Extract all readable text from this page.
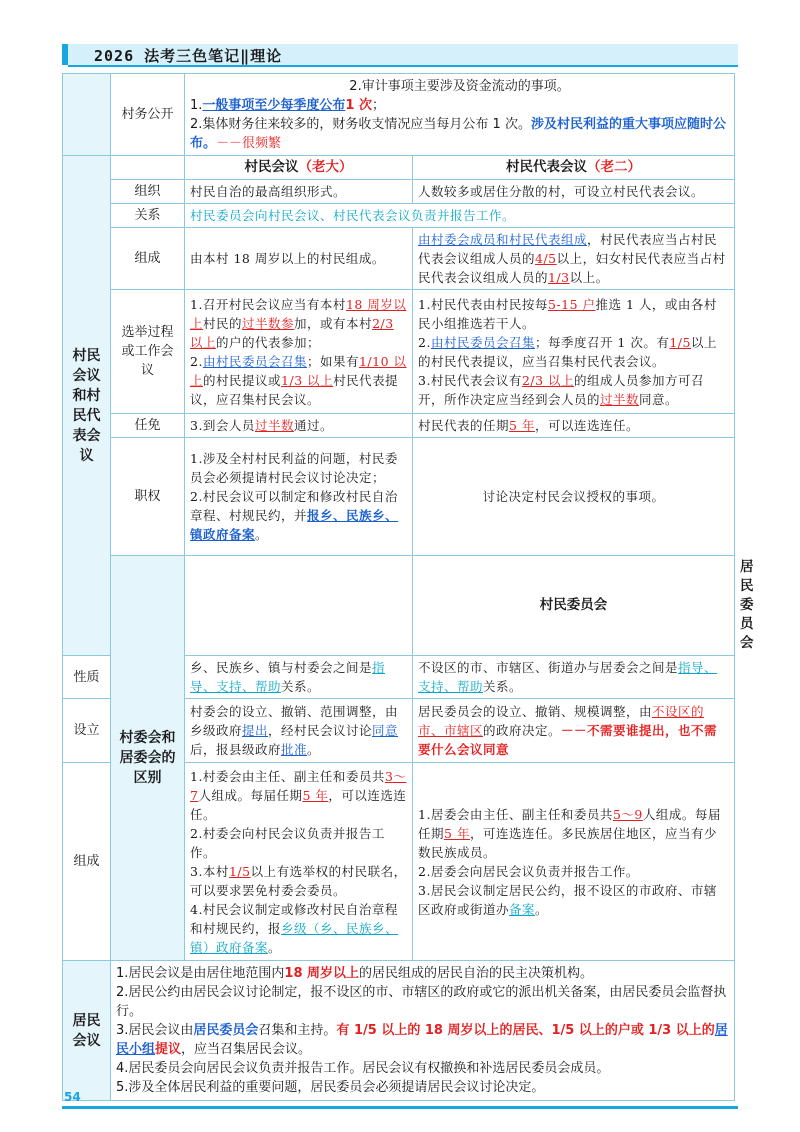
2026 法考三色笔记‖理论
	村务公开	2.审计事项主要涉及资金流动的事项。
1.一般事项至少每季度公布1 次；
2.集体财务往来较多的，财务收支情况应当每月公布 1 次。涉及村民利益的重大事项应随时公布。－－很频繁		

村民会议和村民代表会议		村民会议（老大）	村民代表会议（老二）	
	组织	村民自治的最高组织形式。	人数较多或居住分散的村，可设立村民代表会议。	
	关系	村民委员会向村民会议、村民代表会议负责并报告工作。		
	组成	由本村 18 周岁以上的村民组成。	由村委会成员和村民代表组成，村民代表应当占村民代表会议组成人员的4/5以上，妇女村民代表应当占村民代表会议组成人员的1/3以上。	
	选举过程或工作会议	1.召开村民会议应当有本村18 周岁以上村民的过半数参加，或有本村2/3 以上的户的代表参加；
2.由村民委员会召集；如果有1/10 以上的村民提议或1/3 以上村民代表提议，应召集村民会议。	1.村民代表由村民按每5-15 户推选 1 人，或由各村民小组推选若干人。
2.由村民委员会召集；每季度召开 1 次。有1/5以上的村民代表提议，应当召集村民代表会议。
3.村民代表会议有2/3 以上的组成人员参加方可召开，所作决定应当经到会人员的过半数同意。	
	任免	3.到会人员过半数通过。	村民代表的任期5 年，可以连选连任。	
	职权	1.涉及全村村民利益的问题，村民委员会必须提请村民会议讨论决定；
2.村民会议可以制定和修改村民自治章程、村规民约，并报乡、民族乡、镇政府备案。	讨论决定村民会议授权的事项。	
	村委会和居委会的区别		村民委员会	居民委员会
性质		乡、民族乡、镇与村委会之间是指导、支持、帮助关系。	不设区的市、市辖区、街道办与居委会之间是指导、支持、帮助关系。	
设立		村委会的设立、撤销、范围调整，由乡级政府提出，经村民会议讨论同意后，报县级政府批准。	居民委员会的设立、撤销、规模调整，由不设区的市、市辖区的政府决定。－－不需要谁提出，也不需要什么会议同意	
组成		1.村委会由主任、副主任和委员共3～7人组成。每届任期5 年，可以连选连任。
2.村委会向村民会议负责并报告工作。
3.本村1/5以上有选举权的村民联名，可以要求罢免村委会委员。
4.村民会议制定或修改村民自治章程和村规民约，报乡级（乡、民族乡、镇）政府备案。	1.居委会由主任、副主任和委员共5～9人组成。每届任期5 年，可连选连任。多民族居住地区，应当有少数民族成员。
2.居委会向居民会议负责并报告工作。
3.居民会议制定居民公约，报不设区的市政府、市辖区政府或街道办备案。	
居民会议	1.居民会议是由居住地范围内18 周岁以上的居民组成的居民自治的民主决策机构。
2.居民公约由居民会议讨论制定，报不设区的市、市辖区的政府或它的派出机关备案，由居民委员会监督执行。
3.居民会议由居民委员会召集和主持。有 1/5 以上的 18 周岁以上的居民、1/5 以上的户或 1/3 以上的居民小组提议，应当召集居民会议。
4.居民委员会向居民会议负责并报告工作。居民会议有权撤换和补选居民委员会成员。
5.涉及全体居民利益的重要问题，居民委员会必须提请居民会议讨论决定。			
54
